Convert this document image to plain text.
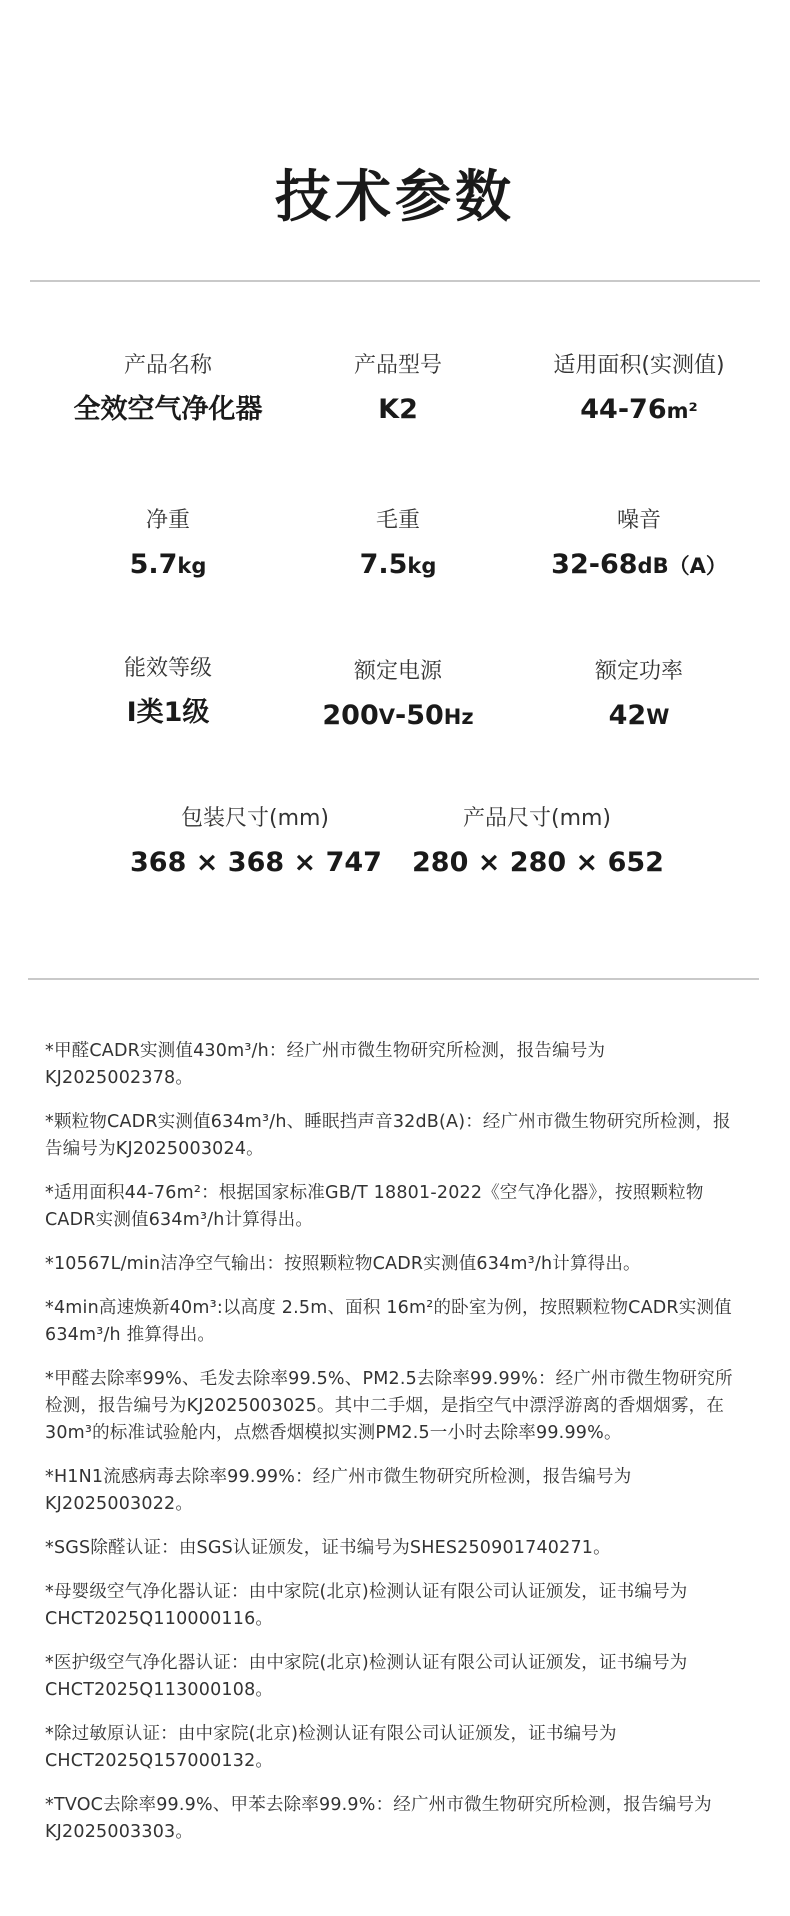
技术参数
产品名称
全效空气净化器
产品型号
K2
适用面积(实测值)
44-76m²
净重
5.7kg
毛重
7.5kg
噪音
32-68dB（A）
能效等级
Ⅰ类1级
额定电源
200V-50Hz
额定功率
42W
包装尺寸(mm)
368 × 368 × 747
产品尺寸(mm)
280 × 280 × 652

*甲醛CADR实测值430m³/h：经广州市微生物研究所检测，报告编号为KJ2025002378。

*颗粒物CADR实测值634m³/h、睡眠挡声音32dB(A)：经广州市微生物研究所检测，报告编号为KJ2025003024。

*适用面积44-76m²：根据国家标准GB/T 18801-2022《空气净化器》，按照颗粒物CADR实测值634m³/h计算得出。

*10567L/min洁净空气输出：按照颗粒物CADR实测值634m³/h计算得出。

*4min高速焕新40m³:以高度 2.5m、面积 16m²的卧室为例，按照颗粒物CADR实测值 634m³/h 推算得出。

*甲醛去除率99%、毛发去除率99.5%、PM2.5去除率99.99%：经广州市微生物研究所检测，报告编号为KJ2025003025。其中二手烟，是指空气中漂浮游离的香烟烟雾，在30m³的标准试验舱内，点燃香烟模拟实测PM2.5一小时去除率99.99%。

*H1N1流感病毒去除率99.99%：经广州市微生物研究所检测，报告编号为KJ2025003022。

*SGS除醛认证：由SGS认证颁发，证书编号为SHES250901740271。

*母婴级空气净化器认证：由中家院(北京)检测认证有限公司认证颁发，证书编号为CHCT2025Q110000116。

*医护级空气净化器认证：由中家院(北京)检测认证有限公司认证颁发，证书编号为CHCT2025Q113000108。

*除过敏原认证：由中家院(北京)检测认证有限公司认证颁发，证书编号为CHCT2025Q157000132。

*TVOC去除率99.9%、甲苯去除率99.9%：经广州市微生物研究所检测，报告编号为KJ2025003303。
